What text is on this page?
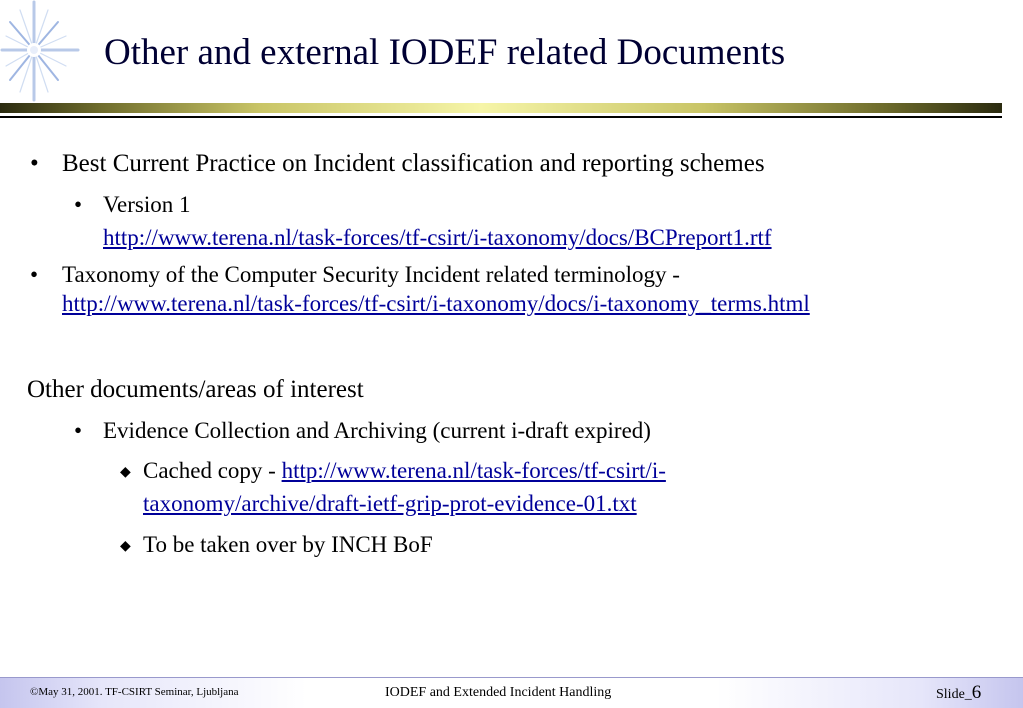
Other and external IODEF related Documents
• Best Current Practice on Incident classification and reporting schemes
• Version 1
http://www.terena.nl/task-forces/tf-csirt/i-taxonomy/docs/BCPreport1.rtf
• Taxonomy of the Computer Security Incident related terminology -
http://www.terena.nl/task-forces/tf-csirt/i-taxonomy/docs/i-taxonomy_terms.html
Other documents/areas of interest
• Evidence Collection and Archiving (current i-draft expired)
◆ Cached copy - http://www.terena.nl/task-forces/tf-csirt/i-
taxonomy/archive/draft-ietf-grip-prot-evidence-01.txt
◆ To be taken over by INCH BoF
©May 31, 2001. TF-CSIRT Seminar, Ljubljana	IODEF and Extended Incident Handling	Slide_6
